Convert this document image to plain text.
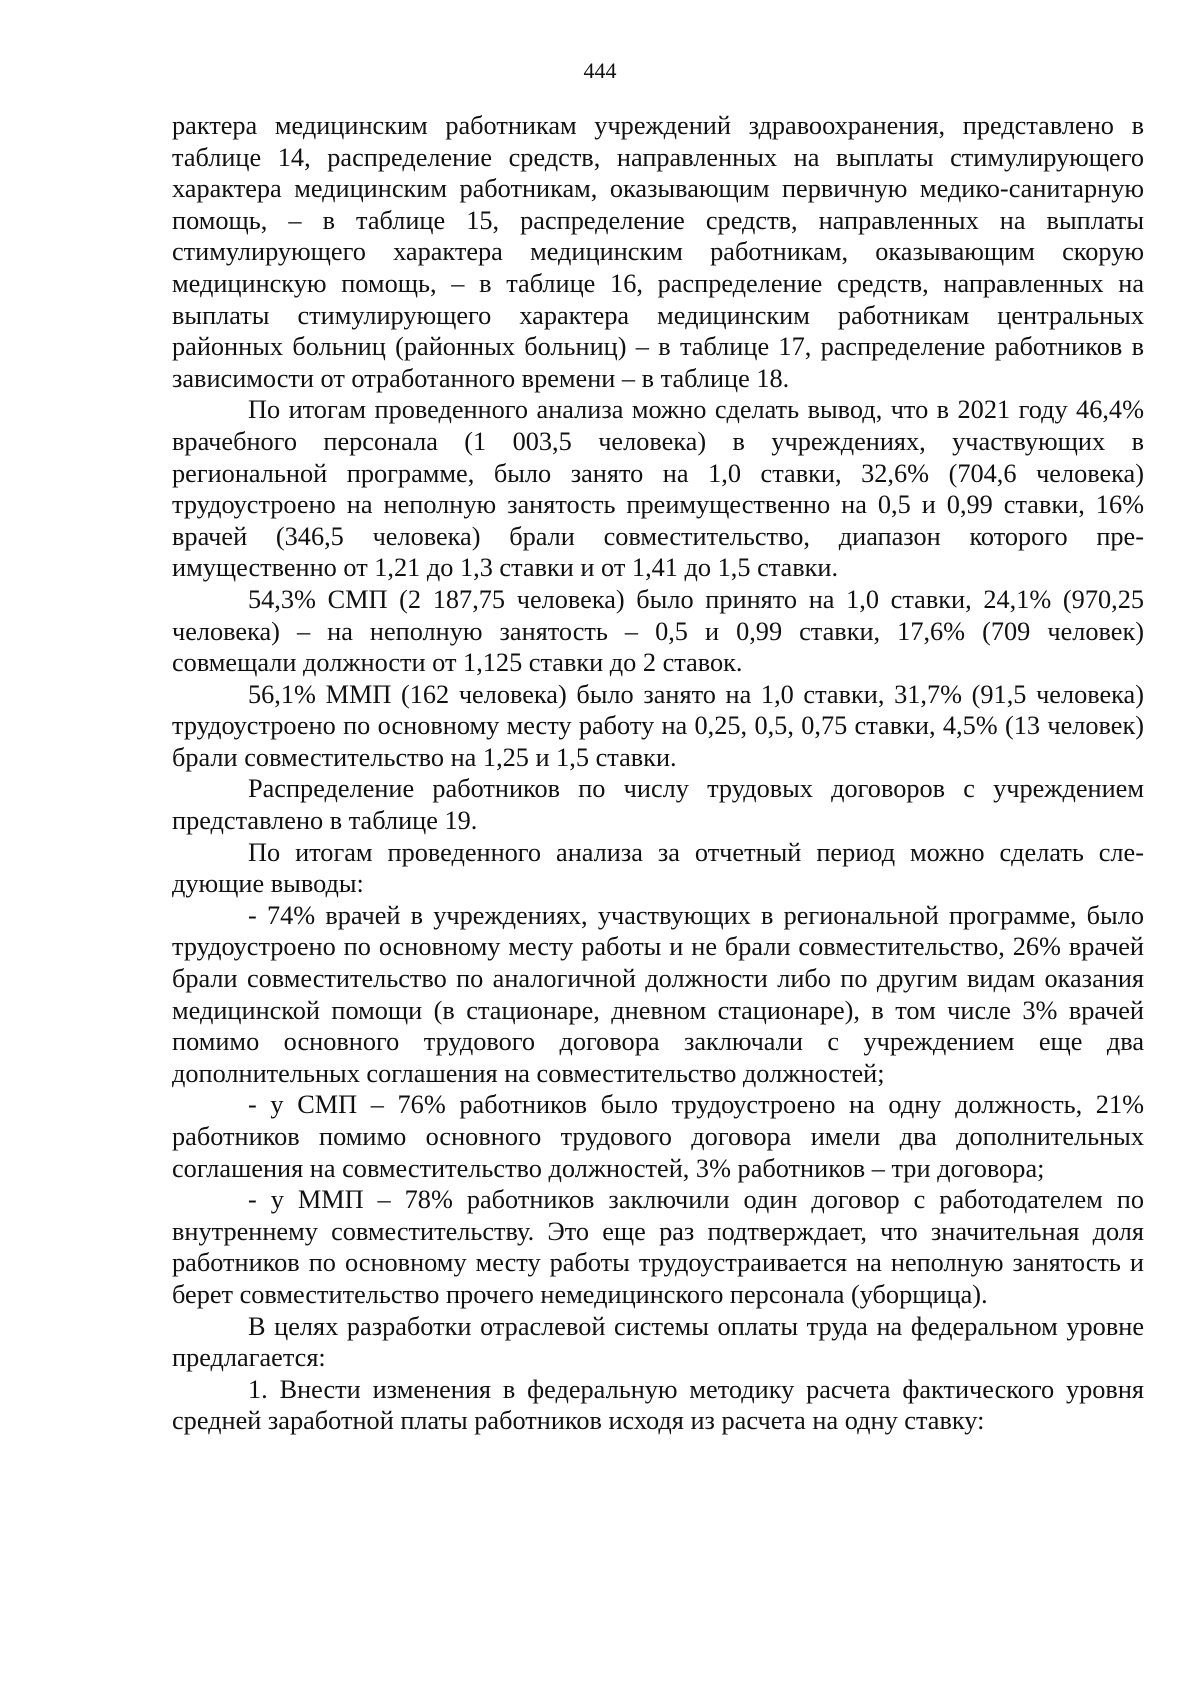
444

рактера медицинским работникам учреждений здравоохранения, представлено в таблице 14, распределение средств, направленных на выплаты стимулирующего характера медицинским работникам, оказывающим первичную медико-санитарную помощь, – в таблице 15, распределение средств, направленных на выплаты стимулирующего характера медицинским работникам, оказывающим скорую медицинскую помощь, – в таблице 16, распределение средств, направленных на выплаты стимулирующего характера медицинским работникам центральных районных больниц (районных больниц) – в таблице 17, распределение работников в зависимости от отработанного времени – в таблице 18.

По итогам проведенного анализа можно сделать вывод, что в 2021 году 46,4% врачебного персонала (1 003,5 человека) в учреждениях, участвующих в региональной программе, было занято на 1,0 ставки, 32,6% (704,6 человека) трудоустроено на неполную занятость преимущественно на 0,5 и 0,99 ставки, 16% врачей (346,5 человека) брали совместительство, диапазон которого преимущественно от 1,21 до 1,3 ставки и от 1,41 до 1,5 ставки.

54,3% СМП (2 187,75 человека) было принято на 1,0 ставки, 24,1% (970,25 человека) – на неполную занятость – 0,5 и 0,99 ставки, 17,6% (709 человек) совмещали должности от 1,125 ставки до 2 ставок.

56,1% ММП (162 человека) было занято на 1,0 ставки, 31,7% (91,5 человека) трудоустроено по основному месту работу на 0,25, 0,5, 0,75 ставки, 4,5% (13 человек) брали совместительство на 1,25 и 1,5 ставки.

Распределение работников по числу трудовых договоров с учреждением представлено в таблице 19.

По итогам проведенного анализа за отчетный период можно сделать следующие выводы:

- 74% врачей в учреждениях, участвующих в региональной программе, было трудоустроено по основному месту работы и не брали совместительство, 26% врачей брали совместительство по аналогичной должности либо по другим видам оказания медицинской помощи (в стационаре, дневном стационаре), в том числе 3% врачей помимо основного трудового договора заключали с учреждением еще два дополнительных соглашения на совместительство должностей;

- у СМП – 76% работников было трудоустроено на одну должность, 21% работников помимо основного трудового договора имели два дополнительных соглашения на совместительство должностей, 3% работников – три договора;

- у ММП – 78% работников заключили один договор с работодателем по внутреннему совместительству. Это еще раз подтверждает, что значительная доля работников по основному месту работы трудоустраивается на неполную занятость и берет совместительство прочего немедицинского персонала (уборщица).

В целях разработки отраслевой системы оплаты труда на федеральном уровне предлагается:

1. Внести изменения в федеральную методику расчета фактического уровня средней заработной платы работников исходя из расчета на одну ставку:
